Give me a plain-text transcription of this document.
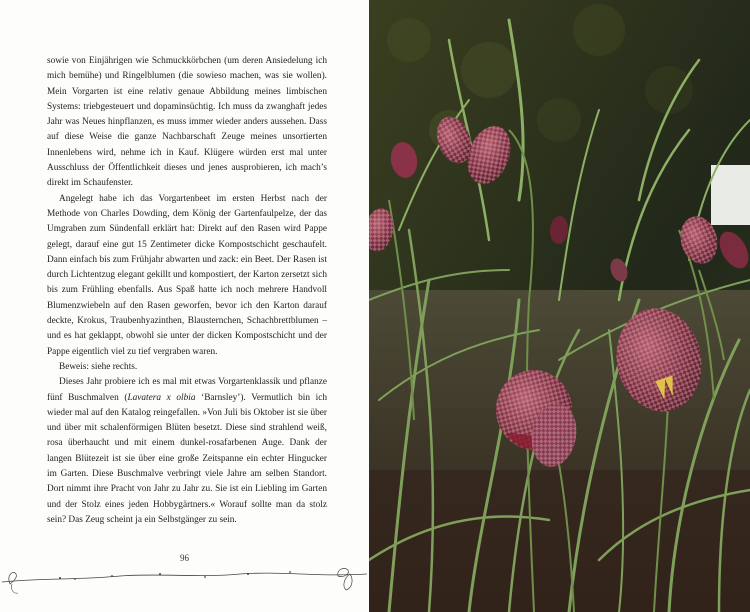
sowie von Einjährigen wie Schmuckkörbchen (um deren Ansiedelung ich mich bemühe) und Ringelblumen (die sowieso machen, was sie wollen). Mein Vorgarten ist eine relativ genaue Abbildung meines limbischen Systems: triebgesteuert und dopaminsüchtig. Ich muss da zwanghaft jedes Jahr was Neues hinpflanzen, es muss immer wieder anders aussehen. Dass auf diese Weise die ganze Nachbarschaft Zeuge meines unsortierten Innenlebens wird, nehme ich in Kauf. Klügere würden erst mal unter Ausschluss der Öffentlichkeit dieses und jenes ausprobieren, ich mach’s direkt im Schaufenster.

Angelegt habe ich das Vorgartenbeet im ersten Herbst nach der Methode von Charles Dowding, dem König der Gartenfaulpelze, der das Umgraben zum Sündenfall erklärt hat: Direkt auf den Rasen wird Pappe gelegt, darauf eine gut 15 Zentimeter dicke Kompostschicht geschaufelt. Dann einfach bis zum Frühjahr abwarten und zack: ein Beet. Der Rasen ist durch Lichtentzug elegant gekillt und kompostiert, der Karton zersetzt sich bis zum Frühling ebenfalls. Aus Spaß hatte ich noch mehrere Handvoll Blumenzwiebeln auf den Rasen geworfen, bevor ich den Karton darauf deckte, Krokus, Traubenhyazinthen, Blausternchen, Schachbrettblumen – und es hat geklappt, obwohl sie unter der dicken Kompostschicht und der Pappe eigentlich viel zu tief vergraben waren.

Beweis: siehe rechts.

Dieses Jahr probiere ich es mal mit etwas Vorgartenklassik und pflanze fünf Buschmalven (Lavatera x olbia ‘Barnsley’). Vermutlich bin ich wieder mal auf den Katalog reingefallen. »Von Juli bis Oktober ist sie über und über mit schalenförmigen Blüten besetzt. Diese sind strahlend weiß, rosa überhaucht und mit einem dunkel-rosafarbenen Auge. Dank der langen Blütezeit ist sie über eine große Zeitspanne ein echter Hingucker im Garten. Diese Buschmalve verbringt viele Jahre am selben Standort. Dort nimmt ihre Pracht von Jahr zu Jahr zu. Sie ist ein Liebling im Garten und der Stolz eines jeden Hobbygärtners.« Worauf sollte man da stolz sein? Das Zeug scheint ja ein Selbstgänger zu sein.

96
